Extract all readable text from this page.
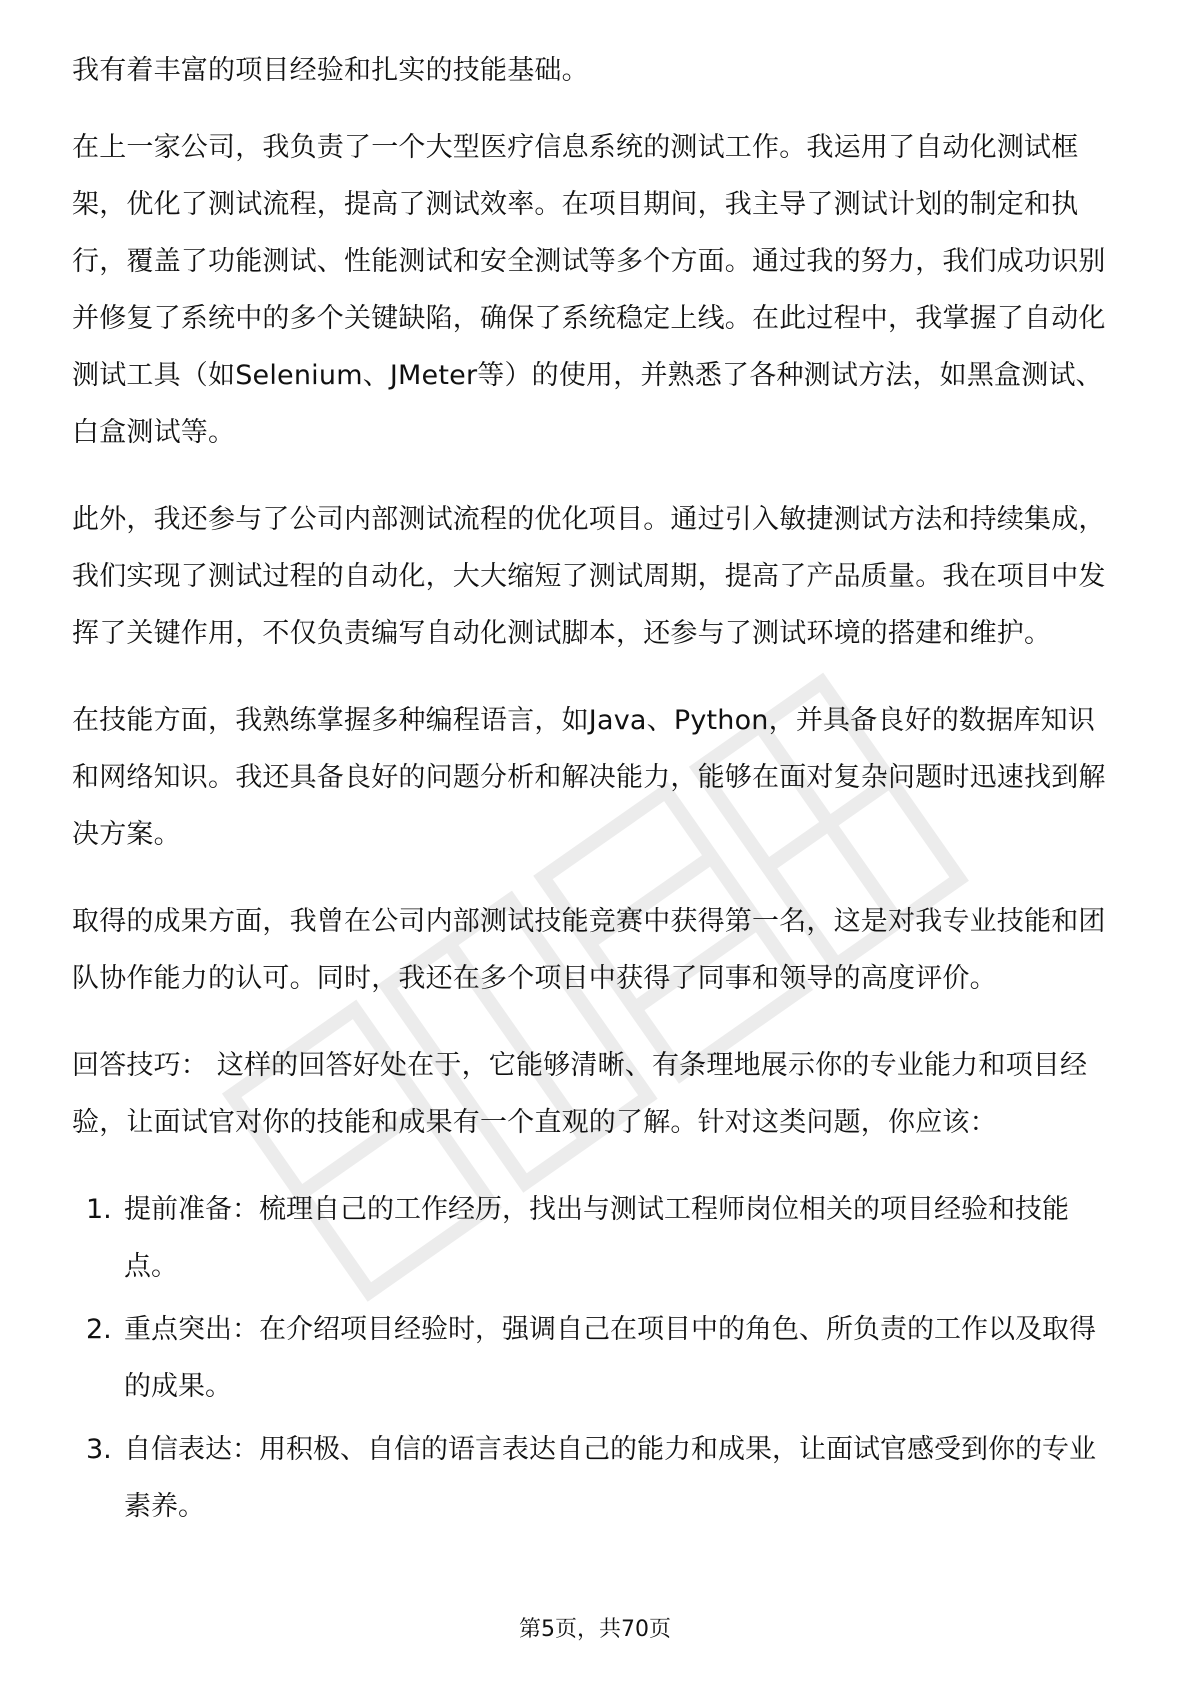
我有着丰富的项目经验和扎实的技能基础。

在上一家公司，我负责了一个大型医疗信息系统的测试工作。我运用了自动化测试框架，优化了测试流程，提高了测试效率。在项目期间，我主导了测试计划的制定和执行，覆盖了功能测试、性能测试和安全测试等多个方面。通过我的努力，我们成功识别并修复了系统中的多个关键缺陷，确保了系统稳定上线。在此过程中，我掌握了自动化测试工具（如Selenium、JMeter等）的使用，并熟悉了各种测试方法，如黑盒测试、白盒测试等。

此外，我还参与了公司内部测试流程的优化项目。通过引入敏捷测试方法和持续集成，我们实现了测试过程的自动化，大大缩短了测试周期，提高了产品质量。我在项目中发挥了关键作用，不仅负责编写自动化测试脚本，还参与了测试环境的搭建和维护。

在技能方面，我熟练掌握多种编程语言，如Java、Python，并具备良好的数据库知识和网络知识。我还具备良好的问题分析和解决能力，能够在面对复杂问题时迅速找到解决方案。

取得的成果方面，我曾在公司内部测试技能竞赛中获得第一名，这是对我专业技能和团队协作能力的认可。同时，我还在多个项目中获得了同事和领导的高度评价。

回答技巧： 这样的回答好处在于，它能够清晰、有条理地展示你的专业能力和项目经验，让面试官对你的技能和成果有一个直观的了解。针对这类问题，你应该：

1. 提前准备：梳理自己的工作经历，找出与测试工程师岗位相关的项目经验和技能点。
2. 重点突出：在介绍项目经验时，强调自己在项目中的角色、所负责的工作以及取得的成果。
3. 自信表达：用积极、自信的语言表达自己的能力和成果，让面试官感受到你的专业素养。
第5页，共70页
